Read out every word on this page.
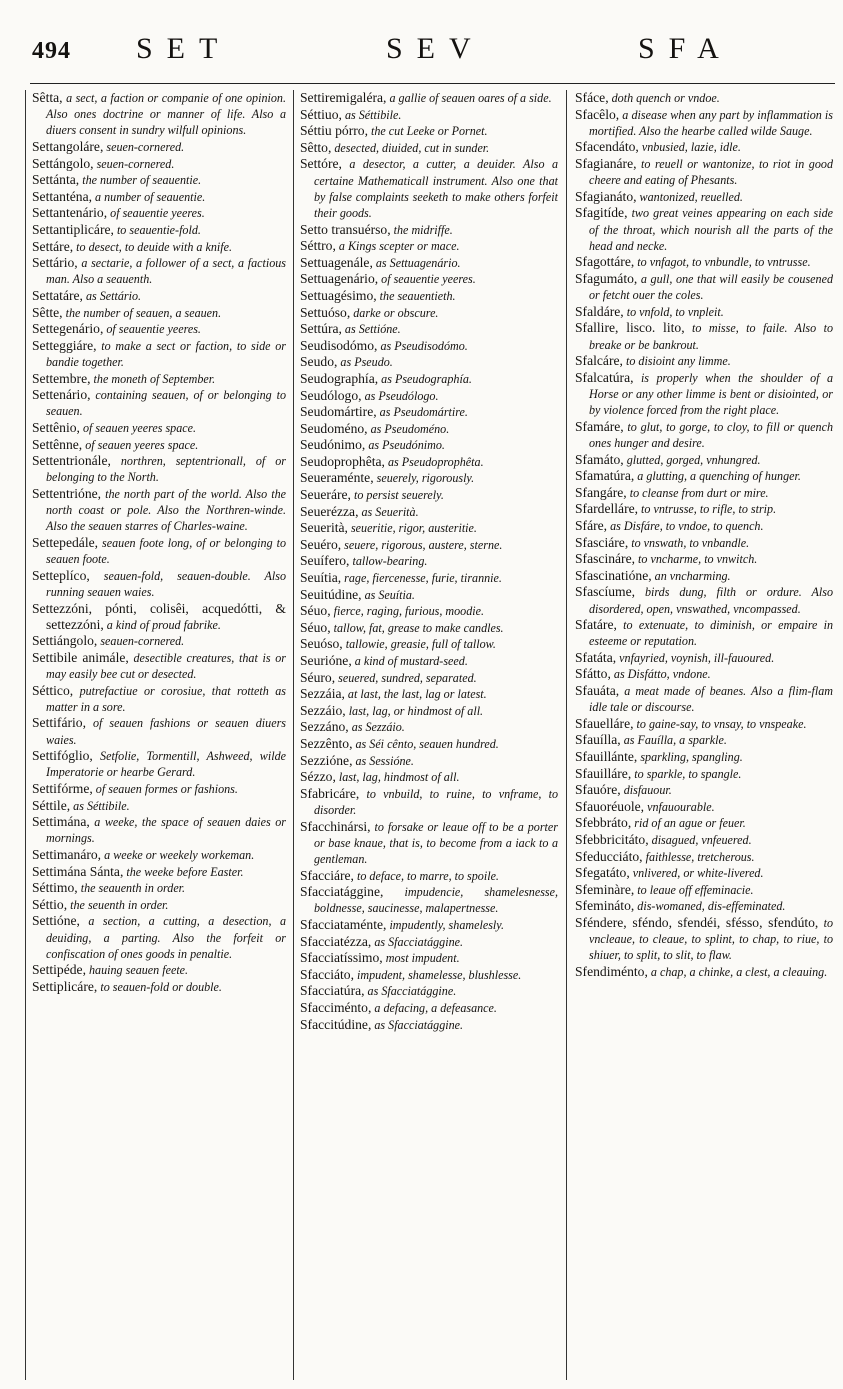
494 SET	SEV	SFA
Sêtta, a sect, a faction or companie of one opinion. Also ones doctrine or manner of life. Also a diuers consent in sundry wilfull opinions.
Settangoláre, seuen-cornered.
Settángolo, seuen-cornered.
Settánta, the number of seauentie.
Settanténa, a number of seauentie.
Settantenário, of seauentie yeeres.
Settantiplicáre, to seauentie-fold.
Settáre, to desect, to deuide with a knife.
Settário, a sectarie, a follower of a sect, a factious man. Also a seauenth.
Settatáre, as Settário.
Sêtte, the number of seauen, a seauen.
Settegenário, of seauentie yeeres.
Setteggiáre, to make a sect or faction, to side or bandie together.
Settembre, the moneth of September.
Settenário, containing seauen, of or belonging to seauen.
Settênio, of seauen yeeres space.
Settênne, of seauen yeeres space.
Settentrionále, northren, septentrionall, of or belonging to the North.
Settentrióne, the north part of the world. Also the north coast or pole. Also the Northren-winde. Also the seauen starres of Charles-waine.
Settepedále, seauen foote long, of or belonging to seauen foote.
Setteplíco, seauen-fold, seauen-double. Also running seauen waies.
Settezzóni, pónti, colisêi, acquedótti, & settezzóni, a kind of proud fabrike.
Settiángolo, seauen-cornered.
Settibile animále, desectible creatures, that is or may easily bee cut or desected.
Séttico, putrefactiue or corosiue, that rotteth as matter in a sore.
Settifário, of seauen fashions or seauen diuers waies.
Settifóglio, Setfolie, Tormentill, Ashweed, wilde Imperatorie or hearbe Gerard.
Settifórme, of seauen formes or fashions.
Séttile, as Séttibile.
Settimána, a weeke, the space of seauen daies or mornings.
Settimanáro, a weeke or weekely workeman.
Settimána Sánta, the weeke before Easter.
Séttimo, the seauenth in order.
Séttio, the seuenth in order.
Settióne, a section, a cutting, a desection, a deuiding, a parting. Also the forfeit or confiscation of ones goods in penaltie.
Settipéde, hauing seauen feete.
Settiplicáre, to seauen-fold or double.
Settiremigaléra, a gallie of seauen oares of a side.
Séttiuo, as Séttibile.
Séttiu pórro, the cut Leeke or Pornet.
Sêtto, desected, diuided, cut in sunder.
Settóre, a desector, a cutter, a deuider. Also a certaine Mathematicall instrument. Also one that by false complaints seeketh to make others forfeit their goods.
Setto transuérso, the midriffe.
Séttro, a Kings scepter or mace.
Settuagenále, as Settuagenário.
Settuagenário, of seauentie yeeres.
Settuagésimo, the seauentieth.
Settuóso, darke or obscure.
Settúra, as Settióne.
Seudisodómo, as Pseudisodómo.
Seudo, as Pseudo.
Seudographía, as Pseudographía.
Seudólogo, as Pseudólogo.
Seudomártire, as Pseudomártire.
Seudoméno, as Pseudoméno.
Seudónimo, as Pseudónimo.
Seudoprophêta, as Pseudoprophêta.
Seueraménte, seuerely, rigorously.
Seueráre, to persist seuerely.
Seuerézza, as Seuerità.
Seuerità, seueritie, rigor, austeritie.
Seuéro, seuere, rigorous, austere, sterne.
Seuífero, tallow-bearing.
Seuítia, rage, fiercenesse, furie, tirannie.
Seuitúdine, as Seuítia.
Séuo, fierce, raging, furious, moodie.
Séuo, tallow, fat, grease to make candles.
Seuóso, tallowie, greasie, full of tallow.
Seurióne, a kind of mustard-seed.
Séuro, seuered, sundred, separated.
Sezzáia, at last, the last, lag or latest.
Sezzáio, last, lag, or hindmost of all.
Sezzáno, as Sezzáio.
Sezzênto, as Séi cênto, seauen hundred.
Sezzióne, as Sessióne.
Sézzo, last, lag, hindmost of all.
Sfabricáre, to vnbuild, to ruine, to vnframe, to disorder.
Sfacchinársi, to forsake or leaue off to be a porter or base knaue, that is, to become from a iack to a gentleman.
Sfacciáre, to deface, to marre, to spoile.
Sfacciatággine, impudencie, shamelesnesse, boldnesse, saucinesse, malapertnesse.
Sfacciataménte, impudently, shamelesly.
Sfacciatézza, as Sfacciatággine.
Sfacciatíssimo, most impudent.
Sfacciáto, impudent, shamelesse, blushlesse.
Sfacciatúra, as Sfacciatággine.
Sfacciménto, a defacing, a defeasance.
Sfaccitúdine, as Sfacciatággine.
Sfáce, doth quench or vndoe.
Sfacêlo, a disease when any part by inflammation is mortified. Also the hearbe called wilde Sauge.
Sfacendáto, vnbusied, lazie, idle.
Sfagianáre, to reuell or wantonize, to riot in good cheere and eating of Phesants.
Sfagianáto, wantonized, reuelled.
Sfagitíde, two great veines appearing on each side of the throat, which nourish all the parts of the head and necke.
Sfagottáre, to vnfagot, to vnbundle, to vntrusse.
Sfagumáto, a gull, one that will easily be cousened or fetcht ouer the coles.
Sfaldáre, to vnfold, to vnpleit.
Sfallire, lisco. lito, to misse, to faile. Also to breake or be bankrout.
Sfalcáre, to disioint any limme.
Sfalcatúra, is properly when the shoulder of a Horse or any other limme is bent or disiointed, or by violence forced from the right place.
Sfamáre, to glut, to gorge, to cloy, to fill or quench ones hunger and desire.
Sfamáto, glutted, gorged, vnhungred.
Sfamatúra, a glutting, a quenching of hunger.
Sfangáre, to cleanse from durt or mire.
Sfardelláre, to vntrusse, to rifle, to strip.
Sfáre, as Disfáre, to vndoe, to quench.
Sfasciáre, to vnswath, to vnbandle.
Sfascináre, to vncharme, to vnwitch.
Sfascinatióne, an vncharming.
Sfascíume, birds dung, filth or ordure. Also disordered, open, vnswathed, vncompassed.
Sfatáre, to extenuate, to diminish, or empaire in esteeme or reputation.
Sfatáta, vnfayried, voynish, ill-fauoured.
Sfátto, as Disfátto, vndone.
Sfauáta, a meat made of beanes. Also a flim-flam idle tale or discourse.
Sfauelláre, to gaine-say, to vnsay, to vnspeake.
Sfauílla, as Fauílla, a sparkle.
Sfauillánte, sparkling, spangling.
Sfauilláre, to sparkle, to spangle.
Sfauóre, disfauour.
Sfauoréuole, vnfauourable.
Sfebbráto, rid of an ague or feuer.
Sfebbricitáto, disagued, vnfeuered.
Sfeducciáto, faithlesse, tretcherous.
Sfegatáto, vnlivered, or white-livered.
Sfeminàre, to leaue off effeminacie.
Sfemináto, dis-womaned, dis-effeminated.
Sféndere, sféndo, sfendéi, sfésso, sfendúto, to vncleaue, to cleaue, to splint, to chap, to riue, to shiuer, to split, to slit, to flaw.
Sfendiménto, a chap, a chinke, a clest, a cleauing.
